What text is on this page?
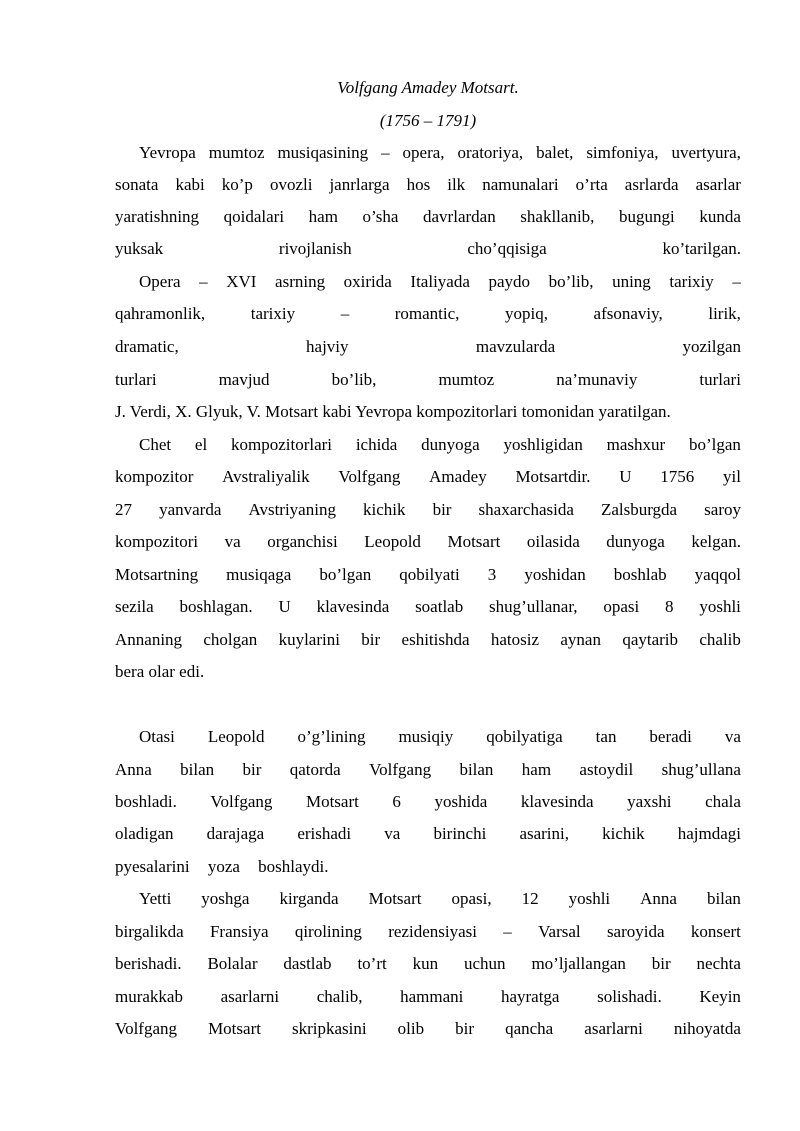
Volfgang Amadey Motsart.
(1756 – 1791)
Yevropa mumtoz musiqasining – opera, oratoriya, balet, simfoniya, uvertyura,
sonata kabi ko’p ovozli janrlarga hos ilk namunalari o’rta asrlarda asarlar
yaratishning qoidalari ham o’sha davrlardan shakllanib, bugungi kunda
yuksak	rivojlanish	cho’qqisiga	ko’tarilgan.
Opera – XVI asrning oxirida Italiyada paydo bo’lib, uning tarixiy –
qahramonlik,	tarixiy	–	romantic,	yopiq,	afsonaviy,	lirik,
dramatic,	hajviy	mavzularda	yozilgan
turlari	mavjud	bo’lib,	mumtoz	na’munaviy	turlari
J. Verdi, X. Glyuk, V. Motsart kabi Yevropa kompozitorlari tomonidan yaratilgan.
Chet el kompozitorlari ichida dunyoga yoshligidan mashxur bo’lgan
kompozitor Avstraliyalik Volfgang Amadey Motsartdir. U 1756 yil
27 yanvarda Avstriyaning kichik bir shaxarchasida Zalsburgda saroy
kompozitori va organchisi Leopold Motsart oilasida dunyoga kelgan.
Motsartning musiqaga bo’lgan qobilyati 3 yoshidan boshlab yaqqol
sezila boshlagan. U klavesinda soatlab shug’ullanar, opasi 8 yoshli
Annaning cholgan kuylarini bir eshitishda hatosiz aynan qaytarib chalib
bera olar edi.
Otasi Leopold o’g’lining musiqiy qobilyatiga tan beradi va
Anna bilan bir qatorda Volfgang bilan ham astoydil shug’ullana
boshladi. Volfgang Motsart 6 yoshida klavesinda yaxshi chala
oladigan darajaga erishadi va birinchi asarini, kichik hajmdagi
pyesalarini yoza boshlaydi.
Yetti yoshga kirganda Motsart opasi, 12 yoshli Anna bilan
birgalikda Fransiya qirolining rezidensiyasi – Varsal saroyida konsert
berishadi. Bolalar dastlab to’rt kun uchun mo’ljallangan bir nechta
murakkab asarlarni chalib, hammani hayratga solishadi. Keyin
Volfgang Motsart skripkasini olib bir qancha asarlarni nihoyatda
